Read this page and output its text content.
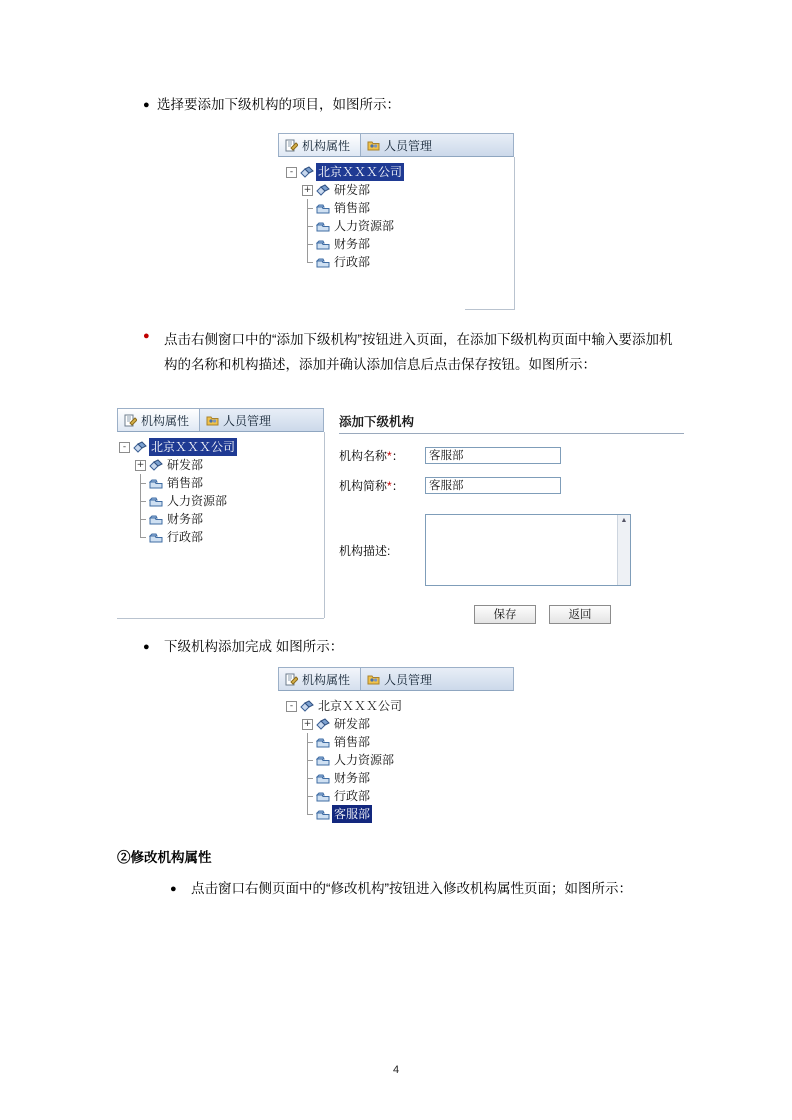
● 选择要添加下级机构的项目，如图所示：
机构属性	人员管理
-	北京ＸＸＸ公司
+ 研发部
销售部
人力资源部
财务部
行政部
●	点击右侧窗口中的“添加下级机构”按钮进入页面，在添加下级机构页面中输入要添加机构的名称和机构描述，添加并确认添加信息后点击保存按钮。如图所示：
机构属性	人员管理
-	北京ＸＸＸ公司
+ 研发部
销售部
人力资源部
财务部
行政部
添加下级机构
机构名称*：	客服部
机构简称*：	客服部
机构描述:
▲
保存	返回
●	下级机构添加完成 如图所示：
机构属性	人员管理
-	北京ＸＸＸ公司
+ 研发部
销售部
人力资源部
财务部
行政部
客服部
②修改机构属性
●	点击窗口右侧页面中的“修改机构”按钮进入修改机构属性页面；如图所示：
4
